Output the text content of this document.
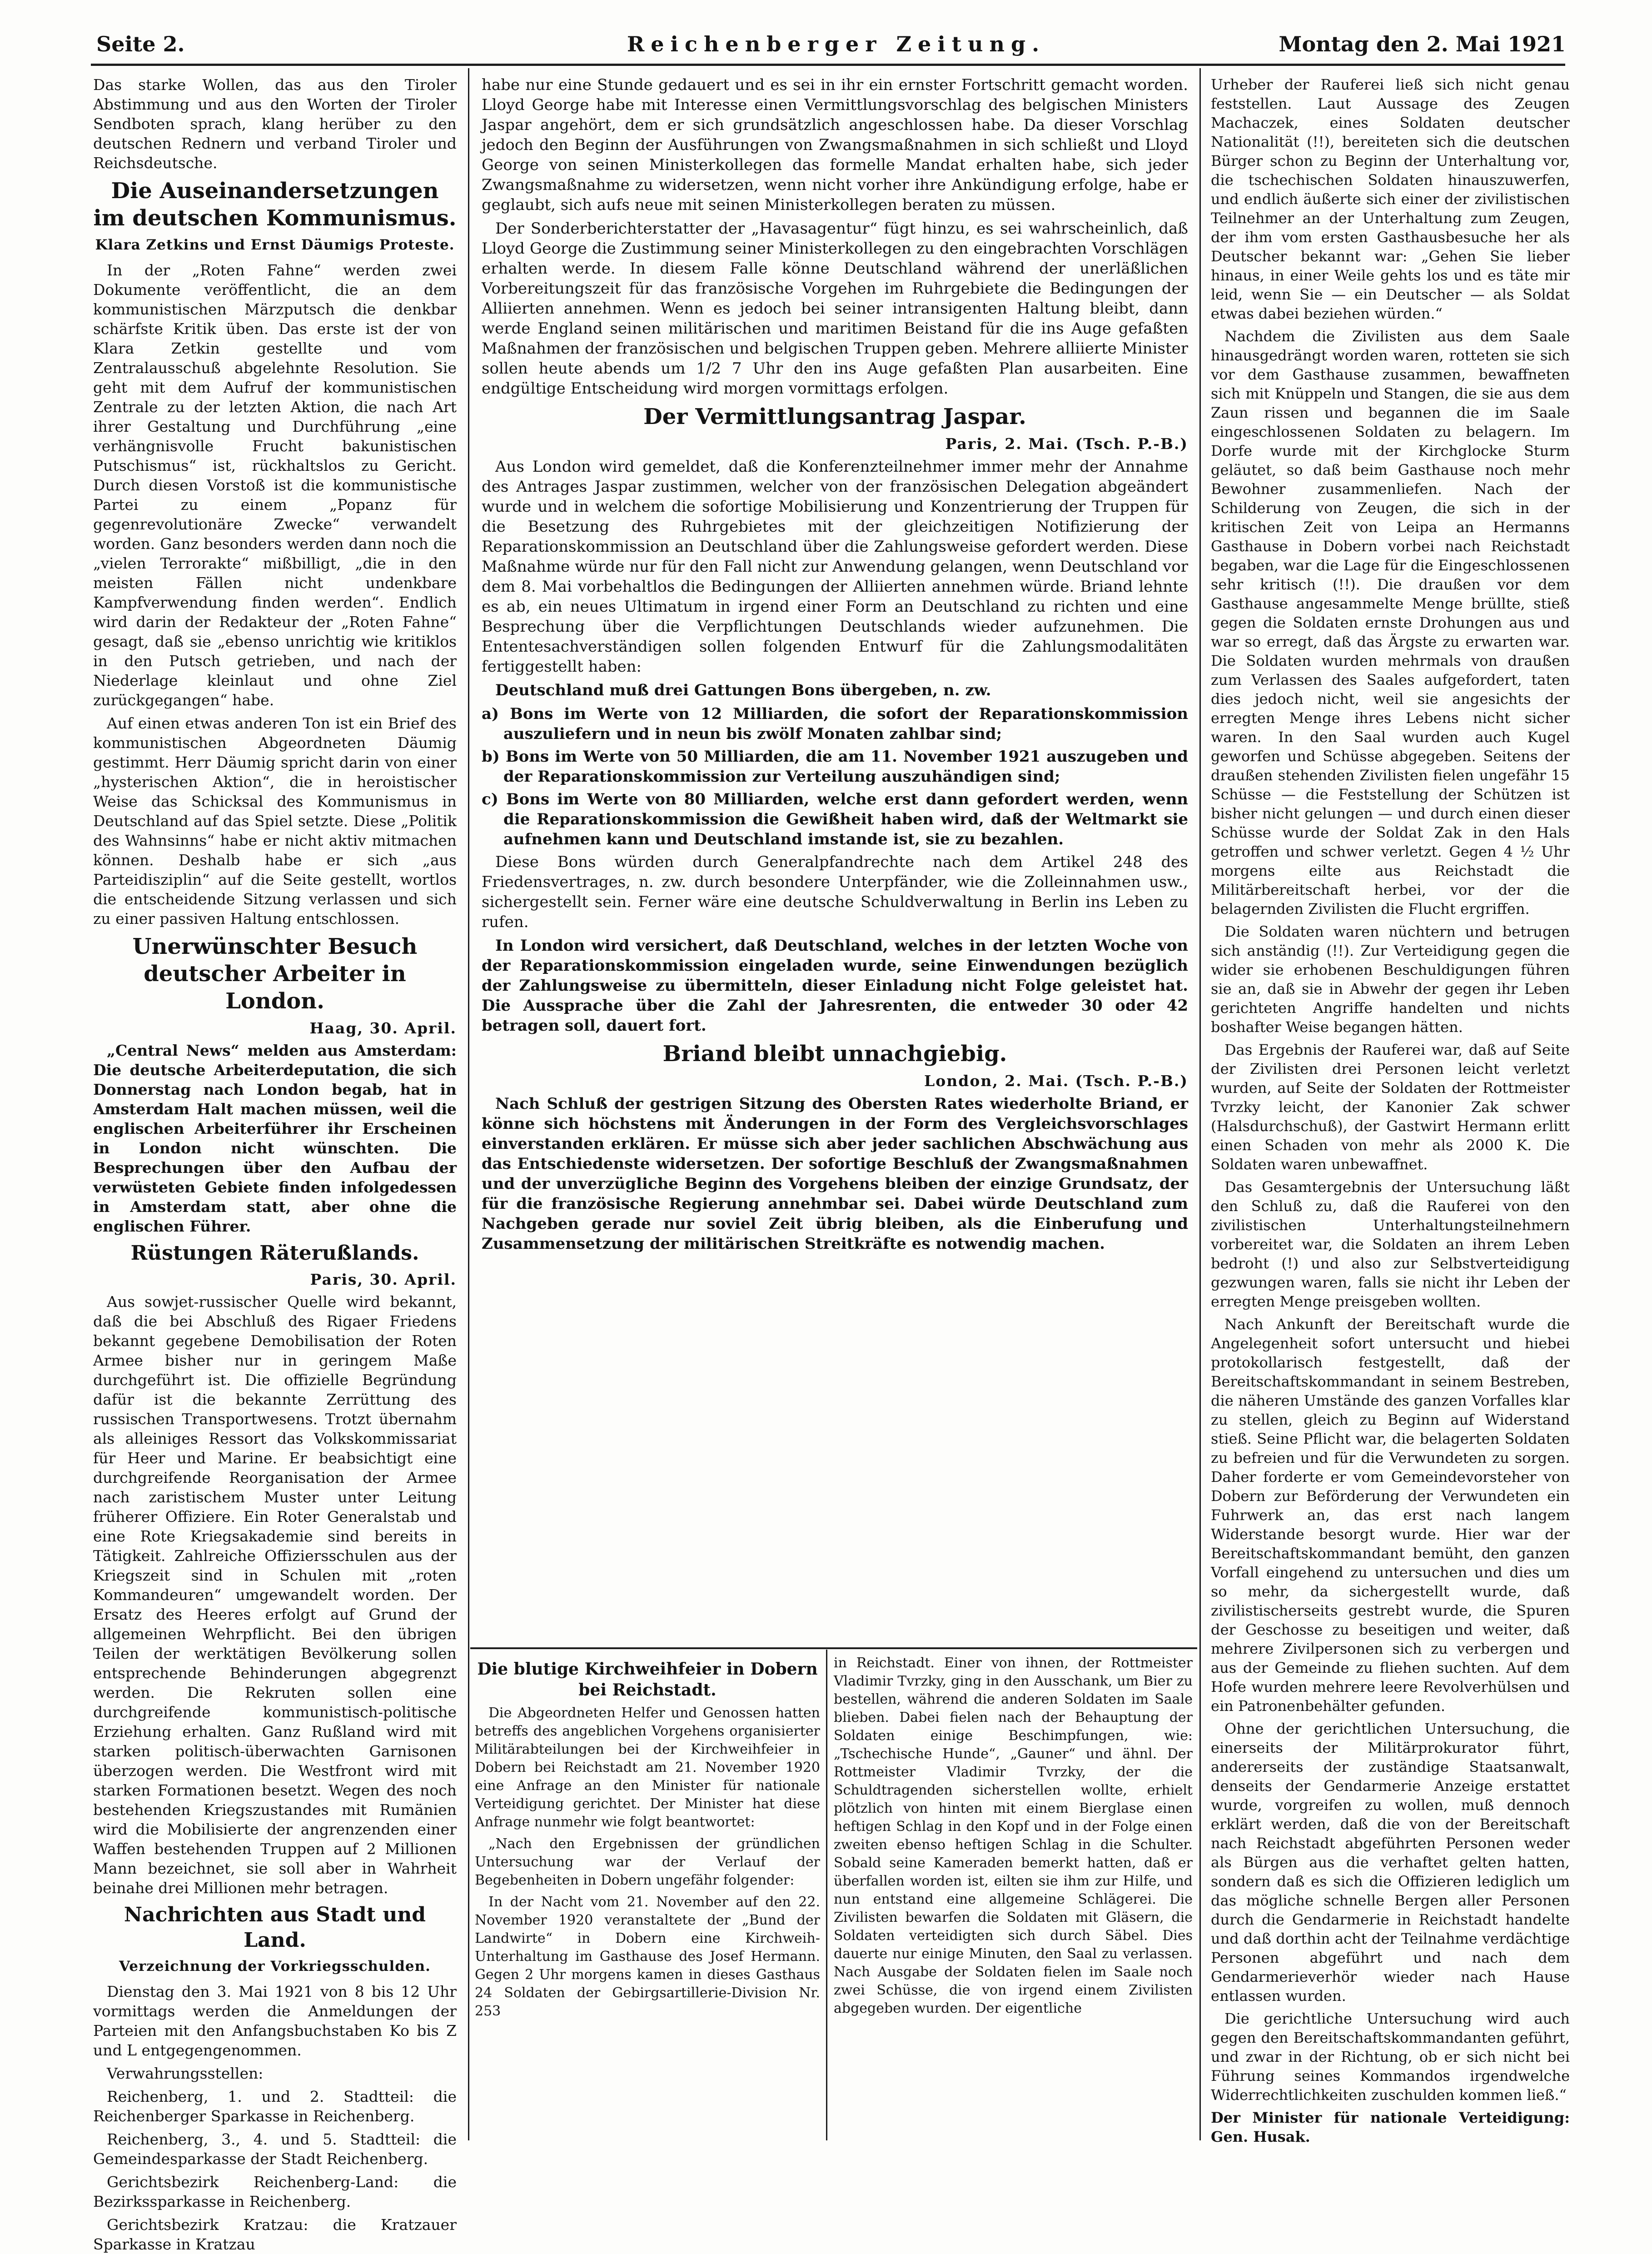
Seite 2.	Reichenberger Zeitung.	Montag den 2. Mai 1921

Das starke Wollen, das aus den Tiroler Abstimmung und aus den Worten der Tiroler Sendboten sprach, klang herüber zu den deutschen Rednern und verband Tiroler und Reichsdeutsche.

Die Auseinandersetzungen im deutschen Kommunismus.
Klara Zetkins und Ernst Däumigs Proteste.

In der „Roten Fahne“ werden zwei Dokumente veröffentlicht, die an dem kommunistischen Märzputsch die denkbar schärfste Kritik üben. Das erste ist der von Klara Zetkin gestellte und vom Zentralausschuß abgelehnte Resolution. Sie geht mit dem Aufruf der kommunistischen Zentrale zu der letzten Aktion, die nach Art ihrer Gestaltung und Durchführung „eine verhängnisvolle Frucht bakunistischen Putschismus“ ist, rückhaltslos zu Gericht. Durch diesen Vorstoß ist die kommunistische Partei zu einem „Popanz für gegenrevolutionäre Zwecke“ verwandelt worden. Ganz besonders werden dann noch die „vielen Terrorakte“ mißbilligt, „die in den meisten Fällen nicht undenkbare Kampfverwendung finden werden“. Endlich wird darin der Redakteur der „Roten Fahne“ gesagt, daß sie „ebenso unrichtig wie kritiklos in den Putsch getrieben, und nach der Niederlage kleinlaut und ohne Ziel zurückgegangen“ habe.

Auf einen etwas anderen Ton ist ein Brief des kommunistischen Abgeordneten Däumig gestimmt. Herr Däumig spricht darin von einer „hysterischen Aktion“, die in heroistischer Weise das Schicksal des Kommunismus in Deutschland auf das Spiel setzte. Diese „Politik des Wahnsinns“ habe er nicht aktiv mitmachen können. Deshalb habe er sich „aus Parteidisziplin“ auf die Seite gestellt, wortlos die entscheidende Sitzung verlassen und sich zu einer passiven Haltung entschlossen.

Unerwünschter Besuch deutscher Arbeiter in London.
Haag, 30. April.

„Central News“ melden aus Amsterdam: Die deutsche Arbeiterdeputation, die sich Donnerstag nach London begab, hat in Amsterdam Halt machen müssen, weil die englischen Arbeiterführer ihr Erscheinen in London nicht wünschten. Die Besprechungen über den Aufbau der verwüsteten Gebiete finden infolgedessen in Amsterdam statt, aber ohne die englischen Führer.

Rüstungen Räterußlands.
Paris, 30. April.

Aus sowjet-russischer Quelle wird bekannt, daß die bei Abschluß des Rigaer Friedens bekannt gegebene Demobilisation der Roten Armee bisher nur in geringem Maße durchgeführt ist. Die offizielle Begründung dafür ist die bekannte Zerrüttung des russischen Transportwesens. Trotzt übernahm als alleiniges Ressort das Volkskommissariat für Heer und Marine. Er beabsichtigt eine durchgreifende Reorganisation der Armee nach zaristischem Muster unter Leitung früherer Offiziere. Ein Roter Generalstab und eine Rote Kriegsakademie sind bereits in Tätigkeit. Zahlreiche Offiziersschulen aus der Kriegszeit sind in Schulen mit „roten Kommandeuren“ umgewandelt worden. Der Ersatz des Heeres erfolgt auf Grund der allgemeinen Wehrpflicht. Bei den übrigen Teilen der werktätigen Bevölkerung sollen entsprechende Behinderungen abgegrenzt werden. Die Rekruten sollen eine durchgreifende kommunistisch-politische Erziehung erhalten. Ganz Rußland wird mit starken politisch-überwachten Garnisonen überzogen werden. Die Westfront wird mit starken Formationen besetzt. Wegen des noch bestehenden Kriegszustandes mit Rumänien wird die Mobilisierte der angrenzenden einer Waffen bestehenden Truppen auf 2 Millionen Mann bezeichnet, sie soll aber in Wahrheit beinahe drei Millionen mehr betragen.

Nachrichten aus Stadt und Land.
Verzeichnung der Vorkriegsschulden.

Dienstag den 3. Mai 1921 von 8 bis 12 Uhr vormittags werden die Anmeldungen der Parteien mit den Anfangsbuchstaben Ko bis Z und L entgegengenommen.

Verwahrungsstellen:

Reichenberg, 1. und 2. Stadtteil: die Reichenberger Sparkasse in Reichenberg.

Reichenberg, 3., 4. und 5. Stadtteil: die Gemeindesparkasse der Stadt Reichenberg.

Gerichtsbezirk Reichenberg-Land: die Bezirkssparkasse in Reichenberg.

Gerichtsbezirk Kratzau: die Kratzauer Sparkasse in Kratzau

habe nur eine Stunde gedauert und es sei in ihr ein ernster Fortschritt gemacht worden. Lloyd George habe mit Interesse einen Vermittlungsvorschlag des belgischen Ministers Jaspar angehört, dem er sich grundsätzlich angeschlossen habe. Da dieser Vorschlag jedoch den Beginn der Ausführungen von Zwangsmaßnahmen in sich schließt und Lloyd George von seinen Ministerkollegen das formelle Mandat erhalten habe, sich jeder Zwangsmaßnahme zu widersetzen, wenn nicht vorher ihre Ankündigung erfolge, habe er geglaubt, sich aufs neue mit seinen Ministerkollegen beraten zu müssen.

Der Sonderberichterstatter der „Havasagentur“ fügt hinzu, es sei wahrscheinlich, daß Lloyd George die Zustimmung seiner Ministerkollegen zu den eingebrachten Vorschlägen erhalten werde. In diesem Falle könne Deutschland während der unerläßlichen Vorbereitungszeit für das französische Vorgehen im Ruhrgebiete die Bedingungen der Alliierten annehmen. Wenn es jedoch bei seiner intransigenten Haltung bleibt, dann werde England seinen militärischen und maritimen Beistand für die ins Auge gefaßten Maßnahmen der französischen und belgischen Truppen geben. Mehrere alliierte Minister sollen heute abends um 1/2 7 Uhr den ins Auge gefaßten Plan ausarbeiten. Eine endgültige Entscheidung wird morgen vormittags erfolgen.

Der Vermittlungsantrag Jaspar.
Paris, 2. Mai. (Tsch. P.-B.)

Aus London wird gemeldet, daß die Konferenzteilnehmer immer mehr der Annahme des Antrages Jaspar zustimmen, welcher von der französischen Delegation abgeändert wurde und in welchem die sofortige Mobilisierung und Konzentrierung der Truppen für die Besetzung des Ruhrgebietes mit der gleichzeitigen Notifizierung der Reparationskommission an Deutschland über die Zahlungsweise gefordert werden. Diese Maßnahme würde nur für den Fall nicht zur Anwendung gelangen, wenn Deutschland vor dem 8. Mai vorbehaltlos die Bedingungen der Alliierten annehmen würde. Briand lehnte es ab, ein neues Ultimatum in irgend einer Form an Deutschland zu richten und eine Besprechung über die Verpflichtungen Deutschlands wieder aufzunehmen. Die Ententesachverständigen sollen folgenden Entwurf für die Zahlungsmodalitäten fertiggestellt haben:

Deutschland muß drei Gattungen Bons übergeben, n. zw.

a) Bons im Werte von 12 Milliarden, die sofort der Reparationskommission auszuliefern und in neun bis zwölf Monaten zahlbar sind;
b) Bons im Werte von 50 Milliarden, die am 11. November 1921 auszugeben und der Reparationskommission zur Verteilung auszuhändigen sind;
c) Bons im Werte von 80 Milliarden, welche erst dann gefordert werden, wenn die Reparationskommission die Gewißheit haben wird, daß der Weltmarkt sie aufnehmen kann und Deutschland imstande ist, sie zu bezahlen.

Diese Bons würden durch Generalpfandrechte nach dem Artikel 248 des Friedensvertrages, n. zw. durch besondere Unterpfänder, wie die Zolleinnahmen usw., sichergestellt sein. Ferner wäre eine deutsche Schuldverwaltung in Berlin ins Leben zu rufen.

In London wird versichert, daß Deutschland, welches in der letzten Woche von der Reparationskommission eingeladen wurde, seine Einwendungen bezüglich der Zahlungsweise zu übermitteln, dieser Einladung nicht Folge geleistet hat. Die Aussprache über die Zahl der Jahresrenten, die entweder 30 oder 42 betragen soll, dauert fort.

Briand bleibt unnachgiebig.
London, 2. Mai. (Tsch. P.-B.)

Nach Schluß der gestrigen Sitzung des Obersten Rates wiederholte Briand, er könne sich höchstens mit Änderungen in der Form des Vergleichsvorschlages einverstanden erklären. Er müsse sich aber jeder sachlichen Abschwächung aus das Entschiedenste widersetzen. Der sofortige Beschluß der Zwangsmaßnahmen und der unverzügliche Beginn des Vorgehens bleiben der einzige Grundsatz, der für die französische Regierung annehmbar sei. Dabei würde Deutschland zum Nachgeben gerade nur soviel Zeit übrig bleiben, als die Einberufung und Zusammensetzung der militärischen Streitkräfte es notwendig machen.

Die blutige Kirchweihfeier in Dobern bei Reichstadt.

Die Abgeordneten Helfer und Genossen hatten betreffs des angeblichen Vorgehens organisierter Militärabteilungen bei der Kirchweihfeier in Dobern bei Reichstadt am 21. November 1920 eine Anfrage an den Minister für nationale Verteidigung gerichtet. Der Minister hat diese Anfrage nunmehr wie folgt beantwortet:

„Nach den Ergebnissen der gründlichen Untersuchung war der Verlauf der Begebenheiten in Dobern ungefähr folgender:

In der Nacht vom 21. November auf den 22. November 1920 veranstaltete der „Bund der Landwirte“ in Dobern eine Kirchweih-Unterhaltung im Gasthause des Josef Hermann. Gegen 2 Uhr morgens kamen in dieses Gasthaus 24 Soldaten der Gebirgsartillerie-Division Nr. 253

in Reichstadt. Einer von ihnen, der Rottmeister Vladimir Tvrzky, ging in den Ausschank, um Bier zu bestellen, während die anderen Soldaten im Saale blieben. Dabei fielen nach der Behauptung der Soldaten einige Beschimpfungen, wie: „Tschechische Hunde“, „Gauner“ und ähnl. Der Rottmeister Vladimir Tvrzky, der die Schuldtragenden sicherstellen wollte, erhielt plötzlich von hinten mit einem Bierglase einen heftigen Schlag in den Kopf und in der Folge einen zweiten ebenso heftigen Schlag in die Schulter. Sobald seine Kameraden bemerkt hatten, daß er überfallen worden ist, eilten sie ihm zur Hilfe, und nun entstand eine allgemeine Schlägerei. Die Zivilisten bewarfen die Soldaten mit Gläsern, die Soldaten verteidigten sich durch Säbel. Dies dauerte nur einige Minuten, den Saal zu verlassen. Nach Ausgabe der Soldaten fielen im Saale noch zwei Schüsse, die von irgend einem Zivilisten abgegeben wurden. Der eigentliche

Urheber der Rauferei ließ sich nicht genau feststellen. Laut Aussage des Zeugen Machaczek, eines Soldaten deutscher Nationalität (!!), bereiteten sich die deutschen Bürger schon zu Beginn der Unterhaltung vor, die tschechischen Soldaten hinauszuwerfen, und endlich äußerte sich einer der zivilistischen Teilnehmer an der Unterhaltung zum Zeugen, der ihm vom ersten Gasthausbesuche her als Deutscher bekannt war: „Gehen Sie lieber hinaus, in einer Weile gehts los und es täte mir leid, wenn Sie — ein Deutscher — als Soldat etwas dabei beziehen würden.“

Nachdem die Zivilisten aus dem Saale hinausgedrängt worden waren, rotteten sie sich vor dem Gasthause zusammen, bewaffneten sich mit Knüppeln und Stangen, die sie aus dem Zaun rissen und begannen die im Saale eingeschlossenen Soldaten zu belagern. Im Dorfe wurde mit der Kirchglocke Sturm geläutet, so daß beim Gasthause noch mehr Bewohner zusammenliefen. Nach der Schilderung von Zeugen, die sich in der kritischen Zeit von Leipa an Hermanns Gasthause in Dobern vorbei nach Reichstadt begaben, war die Lage für die Eingeschlossenen sehr kritisch (!!). Die draußen vor dem Gasthause angesammelte Menge brüllte, stieß gegen die Soldaten ernste Drohungen aus und war so erregt, daß das Ärgste zu erwarten war. Die Soldaten wurden mehrmals von draußen zum Verlassen des Saales aufgefordert, taten dies jedoch nicht, weil sie angesichts der erregten Menge ihres Lebens nicht sicher waren. In den Saal wurden auch Kugel geworfen und Schüsse abgegeben. Seitens der draußen stehenden Zivilisten fielen ungefähr 15 Schüsse — die Feststellung der Schützen ist bisher nicht gelungen — und durch einen dieser Schüsse wurde der Soldat Zak in den Hals getroffen und schwer verletzt. Gegen 4 ½ Uhr morgens eilte aus Reichstadt die Militärbereitschaft herbei, vor der die belagernden Zivilisten die Flucht ergriffen.

Die Soldaten waren nüchtern und betrugen sich anständig (!!). Zur Verteidigung gegen die wider sie erhobenen Beschuldigungen führen sie an, daß sie in Abwehr der gegen ihr Leben gerichteten Angriffe handelten und nichts boshafter Weise begangen hätten.

Das Ergebnis der Rauferei war, daß auf Seite der Zivilisten drei Personen leicht verletzt wurden, auf Seite der Soldaten der Rottmeister Tvrzky leicht, der Kanonier Zak schwer (Halsdurchschuß), der Gastwirt Hermann erlitt einen Schaden von mehr als 2000 K. Die Soldaten waren unbewaffnet.

Das Gesamtergebnis der Untersuchung läßt den Schluß zu, daß die Rauferei von den zivilistischen Unterhaltungsteilnehmern vorbereitet war, die Soldaten an ihrem Leben bedroht (!) und also zur Selbstverteidigung gezwungen waren, falls sie nicht ihr Leben der erregten Menge preisgeben wollten.

Nach Ankunft der Bereitschaft wurde die Angelegenheit sofort untersucht und hiebei protokollarisch festgestellt, daß der Bereitschaftskommandant in seinem Bestreben, die näheren Umstände des ganzen Vorfalles klar zu stellen, gleich zu Beginn auf Widerstand stieß. Seine Pflicht war, die belagerten Soldaten zu befreien und für die Verwundeten zu sorgen. Daher forderte er vom Gemeindevorsteher von Dobern zur Beförderung der Verwundeten ein Fuhrwerk an, das erst nach langem Widerstande besorgt wurde. Hier war der Bereitschaftskommandant bemüht, den ganzen Vorfall eingehend zu untersuchen und dies um so mehr, da sichergestellt wurde, daß zivilistischerseits gestrebt wurde, die Spuren der Geschosse zu beseitigen und weiter, daß mehrere Zivilpersonen sich zu verbergen und aus der Gemeinde zu fliehen suchten. Auf dem Hofe wurden mehrere leere Revolverhülsen und ein Patronenbehälter gefunden.

Ohne der gerichtlichen Untersuchung, die einerseits der Militärprokurator führt, andererseits der zuständige Staatsanwalt, denseits der Gendarmerie Anzeige erstattet wurde, vorgreifen zu wollen, muß dennoch erklärt werden, daß die von der Bereitschaft nach Reichstadt abgeführten Personen weder als Bürgen aus die verhaftet gelten hatten, sondern daß es sich die Offizieren lediglich um das mögliche schnelle Bergen aller Personen durch die Gendarmerie in Reichstadt handelte und daß dorthin acht der Teilnahme verdächtige Personen abgeführt und nach dem Gendarmerieverhör wieder nach Hause entlassen wurden.

Die gerichtliche Untersuchung wird auch gegen den Bereitschaftskommandanten geführt, und zwar in der Richtung, ob er sich nicht bei Führung seines Kommandos irgendwelche Widerrechtlichkeiten zuschulden kommen ließ.“

Der Minister für nationale Verteidigung: Gen. Husak.
